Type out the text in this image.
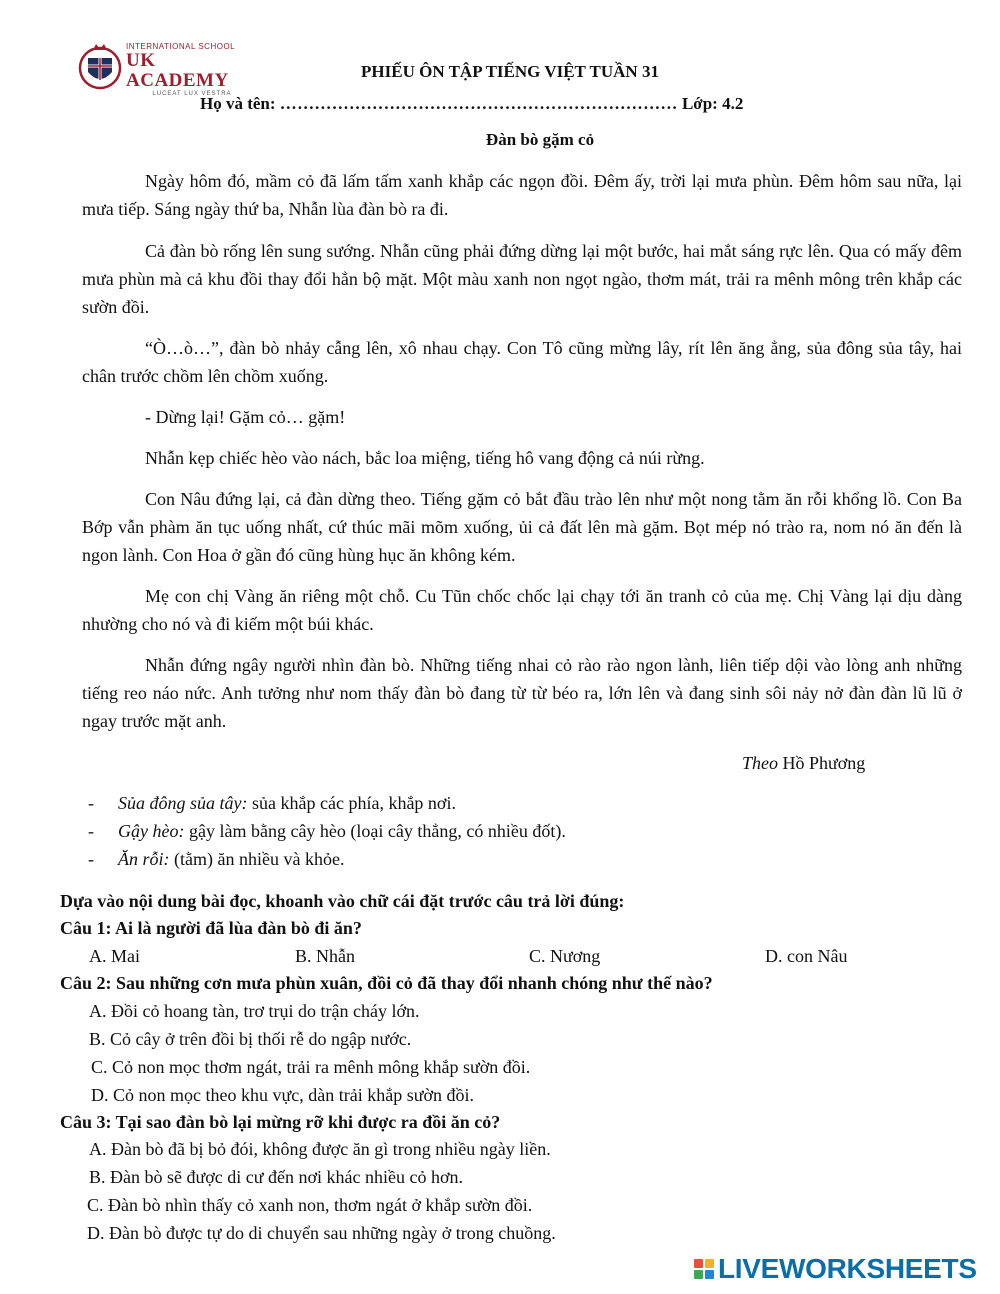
INTERNATIONAL SCHOOL
UK ACADEMY
LUCEAT LUX VESTRA
PHIẾU ÔN TẬP TIẾNG VIỆT TUẦN 31
Họ và tên: …………………………………………………………… Lớp: 4.2
Đàn bò gặm cỏ
Ngày hôm đó, mầm cỏ đã lấm tấm xanh khắp các ngọn đồi. Đêm ấy, trời lại mưa phùn. Đêm hôm sau nữa, lại mưa tiếp. Sáng ngày thứ ba, Nhẫn lùa đàn bò ra đi.
Cả đàn bò rống lên sung sướng. Nhẫn cũng phải đứng dừng lại một bước, hai mắt sáng rực lên. Qua có mấy đêm mưa phùn mà cả khu đồi thay đổi hẳn bộ mặt. Một màu xanh non ngọt ngào, thơm mát, trải ra mênh mông trên khắp các sườn đồi.
“Ò…ò…”, đàn bò nhảy cẫng lên, xô nhau chạy. Con Tô cũng mừng lây, rít lên ăng ẳng, sủa đông sủa tây, hai chân trước chồm lên chồm xuống.
- Dừng lại! Gặm cỏ… gặm!
Nhẫn kẹp chiếc hèo vào nách, bắc loa miệng, tiếng hô vang động cả núi rừng.
Con Nâu đứng lại, cả đàn dừng theo. Tiếng gặm cỏ bắt đầu trào lên như một nong tằm ăn rỗi khổng lồ. Con Ba Bớp vẫn phàm ăn tục uống nhất, cứ thúc mãi mõm xuống, ủi cả đất lên mà gặm. Bọt mép nó trào ra, nom nó ăn đến là ngon lành. Con Hoa ở gần đó cũng hùng hục ăn không kém.
Mẹ con chị Vàng ăn riêng một chỗ. Cu Tũn chốc chốc lại chạy tới ăn tranh cỏ của mẹ. Chị Vàng lại dịu dàng nhường cho nó và đi kiếm một búi khác.
Nhẫn đứng ngây người nhìn đàn bò. Những tiếng nhai cỏ rào rào ngon lành, liên tiếp dội vào lòng anh những tiếng reo náo nức. Anh tưởng như nom thấy đàn bò đang từ từ béo ra, lớn lên và đang sinh sôi nảy nở đàn đàn lũ lũ ở ngay trước mặt anh.
Theo Hồ Phương
- Sủa đông sủa tây: sủa khắp các phía, khắp nơi.
- Gậy hèo: gậy làm bằng cây hèo (loại cây thẳng, có nhiều đốt).
- Ăn rỗi: (tằm) ăn nhiều và khỏe.
Dựa vào nội dung bài đọc, khoanh vào chữ cái đặt trước câu trả lời đúng:
Câu 1: Ai là người đã lùa đàn bò đi ăn?
A. Mai	B. Nhẫn	C. Nương	D. con Nâu
Câu 2: Sau những cơn mưa phùn xuân, đồi cỏ đã thay đổi nhanh chóng như thế nào?
A. Đồi cỏ hoang tàn, trơ trụi do trận cháy lớn.
B. Cỏ cây ở trên đồi bị thối rễ do ngập nước.
C. Cỏ non mọc thơm ngát, trải ra mênh mông khắp sườn đồi.
D. Cỏ non mọc theo khu vực, dàn trải khắp sườn đồi.
Câu 3: Tại sao đàn bò lại mừng rỡ khi được ra đồi ăn cỏ?
A. Đàn bò đã bị bỏ đói, không được ăn gì trong nhiều ngày liền.
B. Đàn bò sẽ được di cư đến nơi khác nhiều cỏ hơn.
C. Đàn bò nhìn thấy cỏ xanh non, thơm ngát ở khắp sườn đồi.
D. Đàn bò được tự do di chuyển sau những ngày ở trong chuồng.
LIVEWORKSHEETS
